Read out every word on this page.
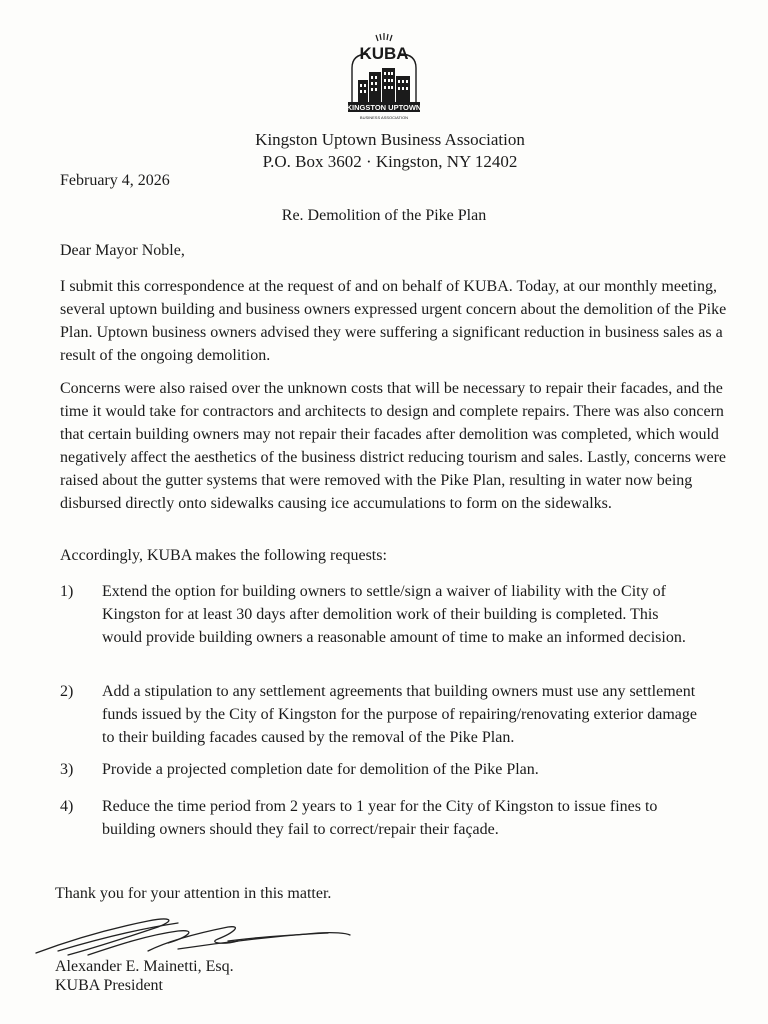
KUBA
KINGSTON UPTOWN
BUSINESS ASSOCIATION
Kingston Uptown Business Association
P.O. Box 3602 · Kingston, NY 12402
February 4, 2026
Re. Demolition of the Pike Plan
Dear Mayor Noble,

I submit this correspondence at the request of and on behalf of KUBA. Today, at our monthly meeting, several uptown building and business owners expressed urgent concern about the demolition of the Pike Plan. Uptown business owners advised they were suffering a significant reduction in business sales as a result of the ongoing demolition.

Concerns were also raised over the unknown costs that will be necessary to repair their facades, and the time it would take for contractors and architects to design and complete repairs. There was also concern that certain building owners may not repair their facades after demolition was completed, which would negatively affect the aesthetics of the business district reducing tourism and sales. Lastly, concerns were raised about the gutter systems that were removed with the Pike Plan, resulting in water now being disbursed directly onto sidewalks causing ice accumulations to form on the sidewalks.

Accordingly, KUBA makes the following requests:

1) Extend the option for building owners to settle/sign a waiver of liability with the City of Kingston for at least 30 days after demolition work of their building is completed. This would provide building owners a reasonable amount of time to make an informed decision.

2) Add a stipulation to any settlement agreements that building owners must use any settlement funds issued by the City of Kingston for the purpose of repairing/renovating exterior damage to their building facades caused by the removal of the Pike Plan.

3) Provide a projected completion date for demolition of the Pike Plan.

4) Reduce the time period from 2 years to 1 year for the City of Kingston to issue fines to building owners should they fail to correct/repair their façade.

Thank you for your attention in this matter.
Alexander E. Mainetti, Esq.
KUBA President
